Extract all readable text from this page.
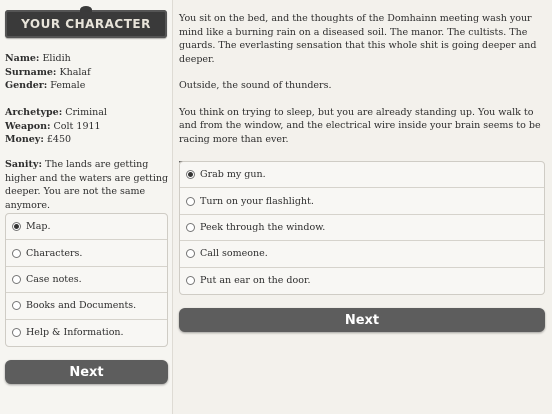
YOUR CHARACTER
Name: Elidih
Surname: Khalaf
Gender: Female
Archetype: Criminal
Weapon: Colt 1911
Money: £450
Sanity: The lands are getting higher and the waters are getting deeper. You are not the same anymore.
Map.
Characters.
Case notes.
Books and Documents.
Help & Information.
Next

You sit on the bed, and the thoughts of the Domhainn meeting wash your mind like a burning rain on a diseased soil. The manor. The cultists. The guards. The everlasting sensation that this whole shit is going deeper and deeper.

Outside, the sound of thunders.

You think on trying to sleep, but you are already standing up. You walk to and from the window, and the electrical wire inside your brain seems to be racing more than ever.

Grab my gun.
Turn on your flashlight.
Peek through the window.
Call someone.
Put an ear on the door.
Next
